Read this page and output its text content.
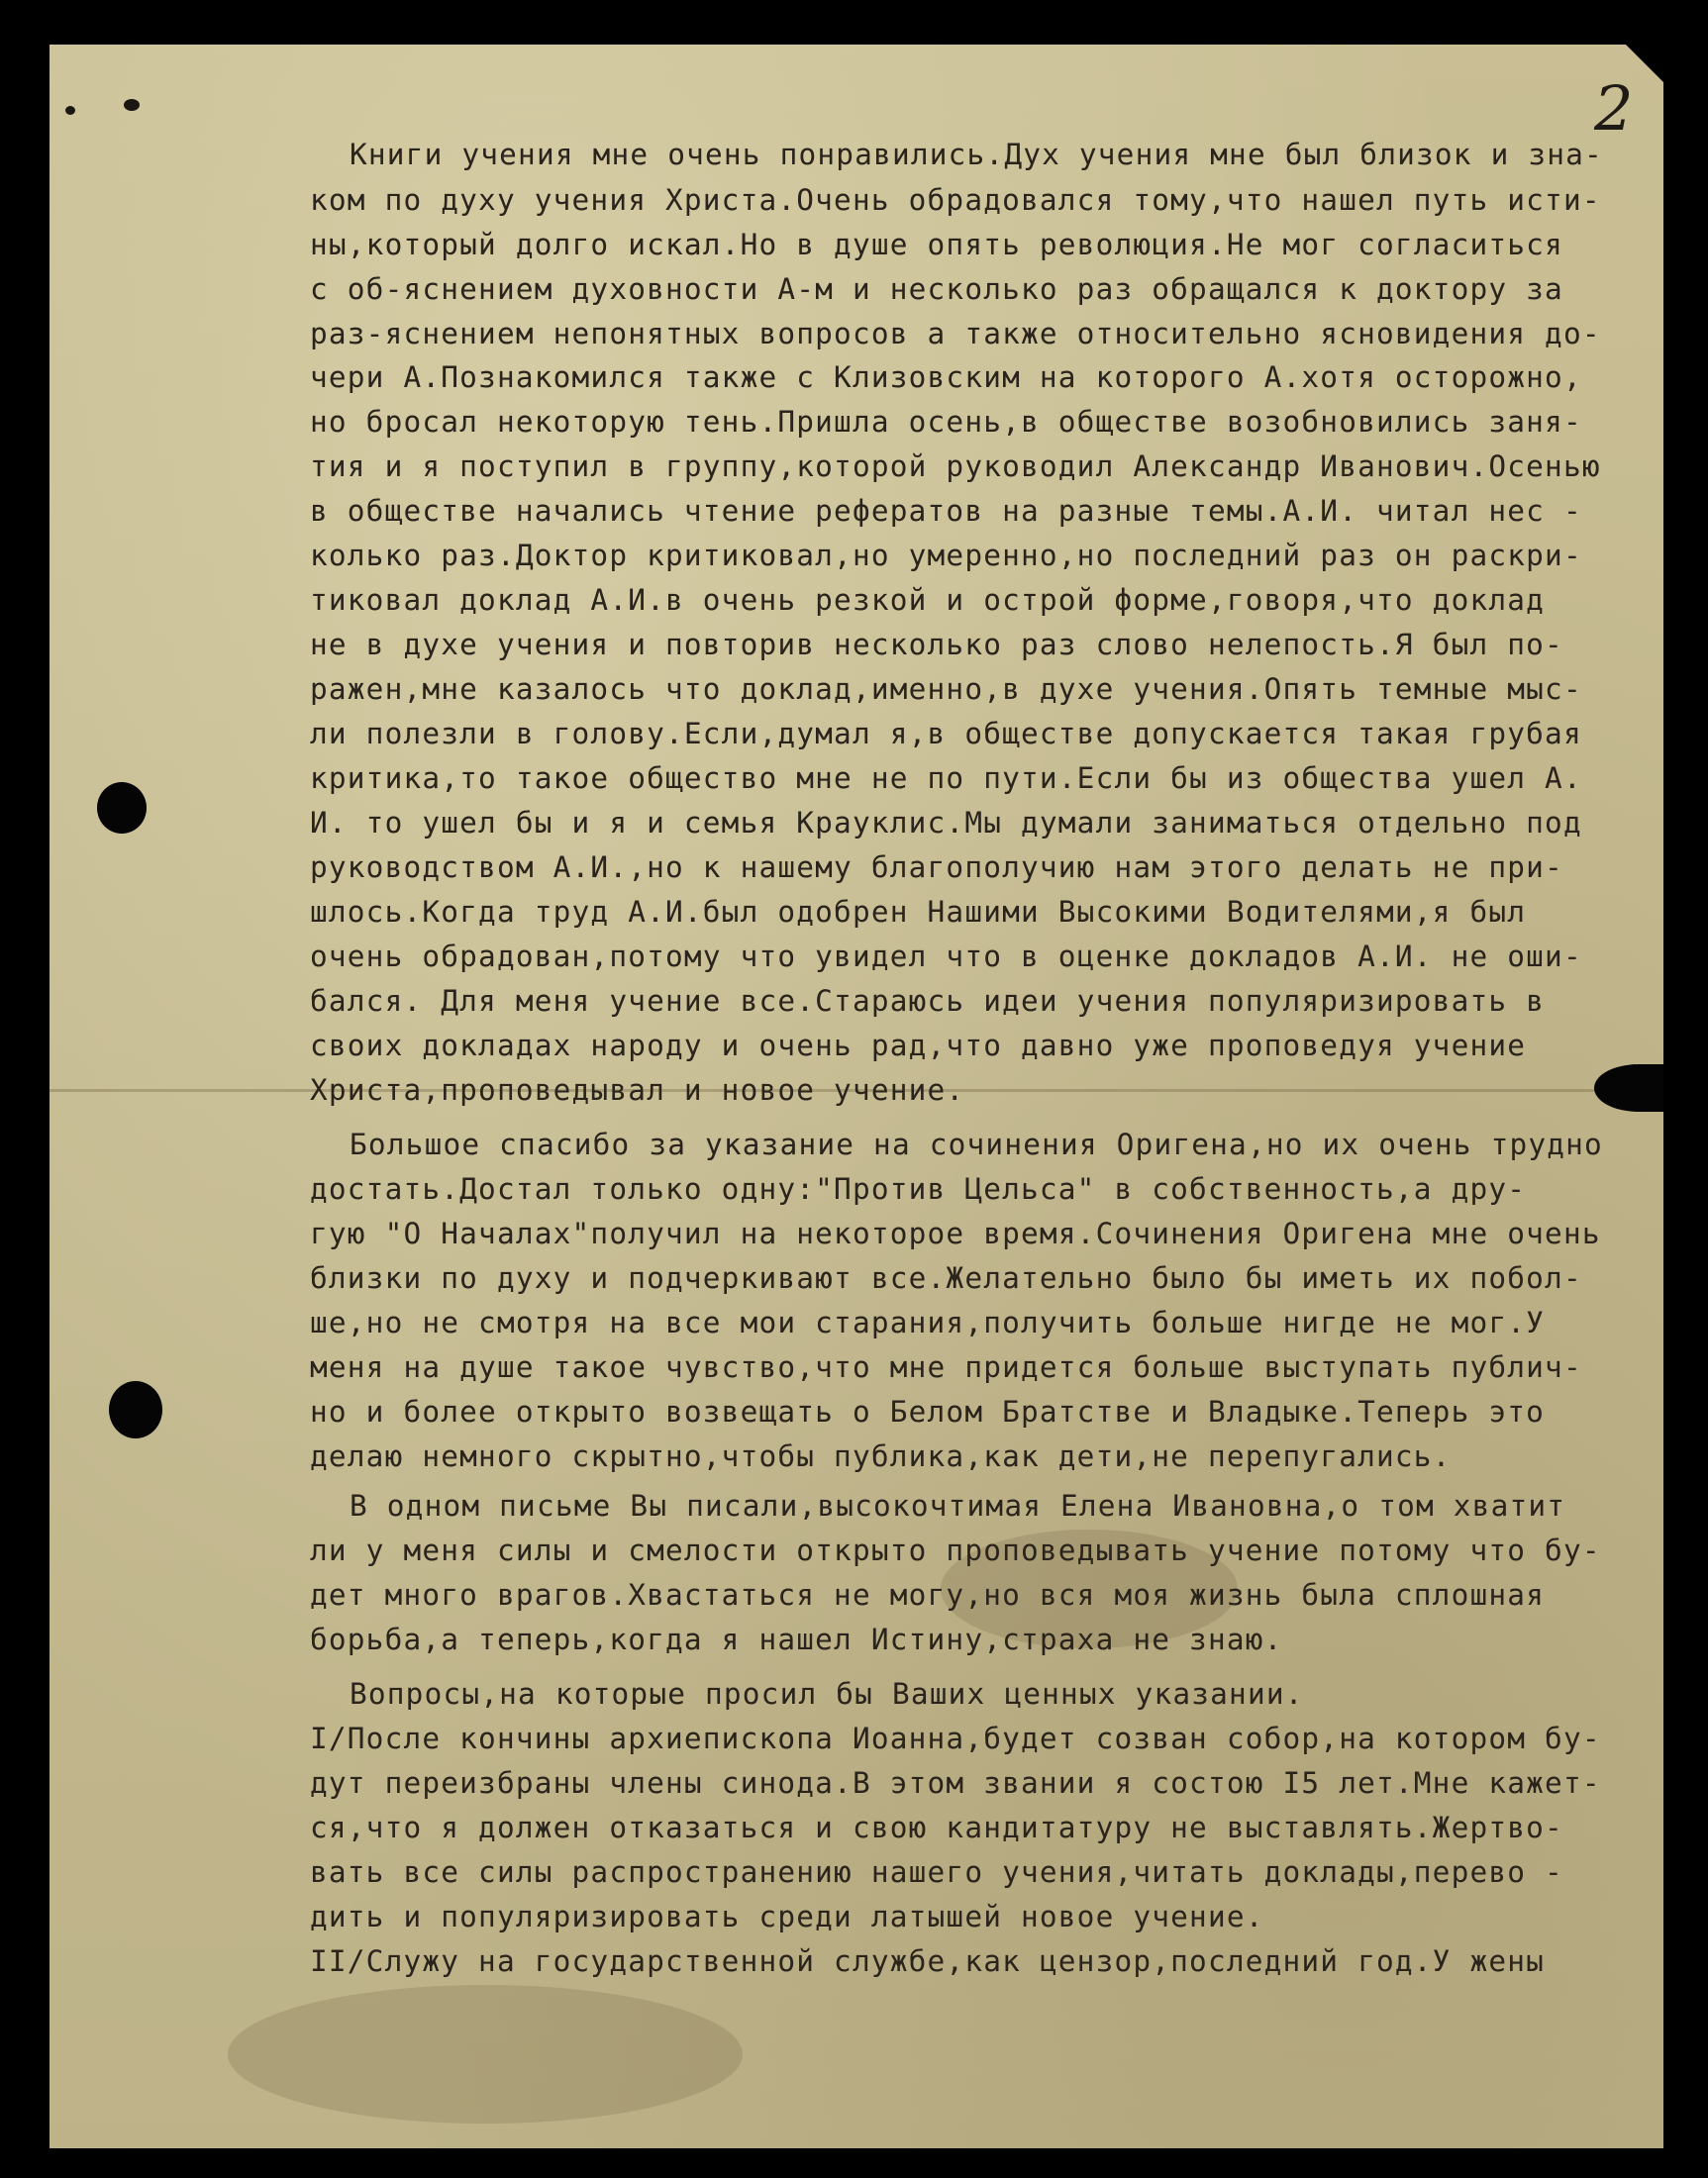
2
Книги учения мне очень понравились.Дух учения мне был близок и зна-
ком по духу учения Христа.Очень обрадовался тому,что нашел путь исти-
ны,который долго искал.Но в душе опять революция.Не мог согласиться
с об-яснением духовности А-м и несколько раз обращался к доктору за
раз-яснением непонятных вопросов а также относительно ясновидения до-
чери А.Познакомился также с Клизовским на которого А.хотя осторожно,
но бросал некоторую тень.Пришла осень,в обществе возобновились заня-
тия и я поступил в группу,которой руководил Александр Иванович.Осенью
в обществе начались чтение рефератов на разные темы.А.И. читал нес -
колько раз.Доктор критиковал,но умеренно,но последний раз он раскри-
тиковал доклад А.И.в очень резкой и острой форме,говоря,что доклад
не в духе учения и повторив несколько раз слово нелепость.Я был по-
ражен,мне казалось что доклад,именно,в духе учения.Опять темные мыс-
ли полезли в голову.Если,думал я,в обществе допускается такая грубая
критика,то такое общество мне не по пути.Если бы из общества ушел А.
И. то ушел бы и я и семья Крауклис.Мы думали заниматься отдельно под
руководством А.И.,но к нашему благополучию нам этого делать не при-
шлось.Когда труд А.И.был одобрен Нашими Высокими Водителями,я был
очень обрадован,потому что увидел что в оценке докладов А.И. не оши-
бался. Для меня учение все.Стараюсь идеи учения популяризировать в
своих докладах народу и очень рад,что давно уже проповедуя учение
Христа,проповедывал и новое учение.
Большое спасибо за указание на сочинения Оригена,но их очень трудно
достать.Достал только одну:"Против Цельса" в собственность,а дру-
гую "О Началах"получил на некоторое время.Сочинения Оригена мне очень
близки по духу и подчеркивают все.Желательно было бы иметь их побол-
ше,но не смотря на все мои старания,получить больше нигде не мог.У
меня на душе такое чувство,что мне придется больше выступать публич-
но и более открыто возвещать о Белом Братстве и Владыке.Теперь это
делаю немного скрытно,чтобы публика,как дети,не перепугались.
В одном письме Вы писали,высокочтимая Елена Ивановна,о том хватит
ли у меня силы и смелости открыто проповедывать учение потому что бу-
дет много врагов.Хвастаться не могу,но вся моя жизнь была сплошная
борьба,а теперь,когда я нашел Истину,страха не знаю.
Вопросы,на которые просил бы Ваших ценных указании.
I/После кончины архиепископа Иоанна,будет созван собор,на котором бу-
дут переизбраны члены синода.В этом звании я состою I5 лет.Мне кажет-
ся,что я должен отказаться и свою кандитатуру не выставлять.Жертво-
вать все силы распространению нашего учения,читать доклады,перево -
дить и популяризировать среди латышей новое учение.
II/Служу на государственной службе,как цензор,последний год.У жены
